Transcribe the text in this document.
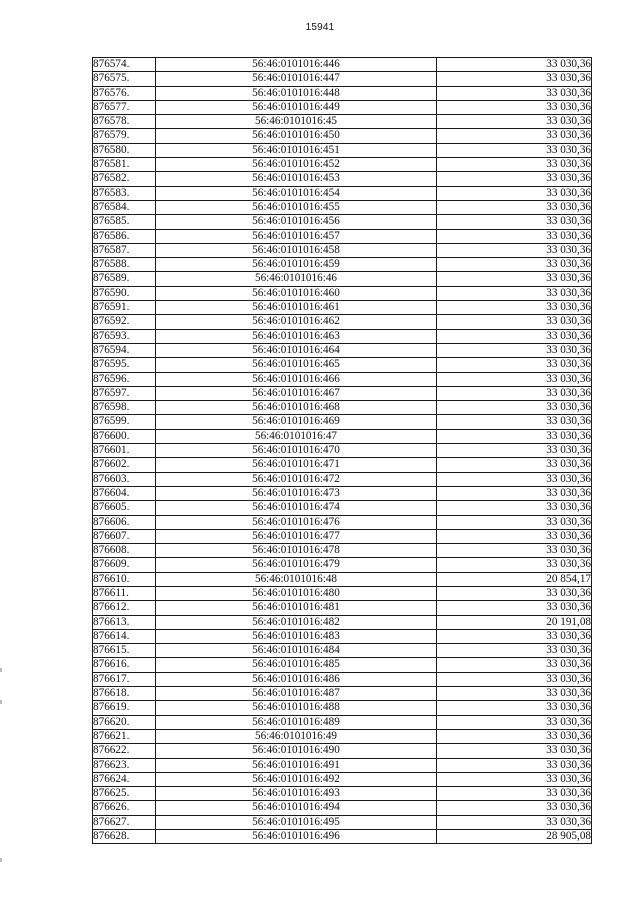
15941
876574.	56:46:0101016:446	33 030,36
876575.	56:46:0101016:447	33 030,36
876576.	56:46:0101016:448	33 030,36
876577.	56:46:0101016:449	33 030,36
876578.	56:46:0101016:45	33 030,36
876579.	56:46:0101016:450	33 030,36
876580.	56:46:0101016:451	33 030,36
876581.	56:46:0101016:452	33 030,36
876582.	56:46:0101016:453	33 030,36
876583.	56:46:0101016:454	33 030,36
876584.	56:46:0101016:455	33 030,36
876585.	56:46:0101016:456	33 030,36
876586.	56:46:0101016:457	33 030,36
876587.	56:46:0101016:458	33 030,36
876588.	56:46:0101016:459	33 030,36
876589.	56:46:0101016:46	33 030,36
876590.	56:46:0101016:460	33 030,36
876591.	56:46:0101016:461	33 030,36
876592.	56:46:0101016:462	33 030,36
876593.	56:46:0101016:463	33 030,36
876594.	56:46:0101016:464	33 030,36
876595.	56:46:0101016:465	33 030,36
876596.	56:46:0101016:466	33 030,36
876597.	56:46:0101016:467	33 030,36
876598.	56:46:0101016:468	33 030,36
876599.	56:46:0101016:469	33 030,36
876600.	56:46:0101016:47	33 030,36
876601.	56:46:0101016:470	33 030,36
876602.	56:46:0101016:471	33 030,36
876603.	56:46:0101016:472	33 030,36
876604.	56:46:0101016:473	33 030,36
876605.	56:46:0101016:474	33 030,36
876606.	56:46:0101016:476	33 030,36
876607.	56:46:0101016:477	33 030,36
876608.	56:46:0101016:478	33 030,36
876609.	56:46:0101016:479	33 030,36
876610.	56:46:0101016:48	20 854,17
876611.	56:46:0101016:480	33 030,36
876612.	56:46:0101016:481	33 030,36
876613.	56:46:0101016:482	20 191,08
876614.	56:46:0101016:483	33 030,36
876615.	56:46:0101016:484	33 030,36
876616.	56:46:0101016:485	33 030,36
876617.	56:46:0101016:486	33 030,36
876618.	56:46:0101016:487	33 030,36
876619.	56:46:0101016:488	33 030,36
876620.	56:46:0101016:489	33 030,36
876621.	56:46:0101016:49	33 030,36
876622.	56:46:0101016:490	33 030,36
876623.	56:46:0101016:491	33 030,36
876624.	56:46:0101016:492	33 030,36
876625.	56:46:0101016:493	33 030,36
876626.	56:46:0101016:494	33 030,36
876627.	56:46:0101016:495	33 030,36
876628.	56:46:0101016:496	28 905,08
